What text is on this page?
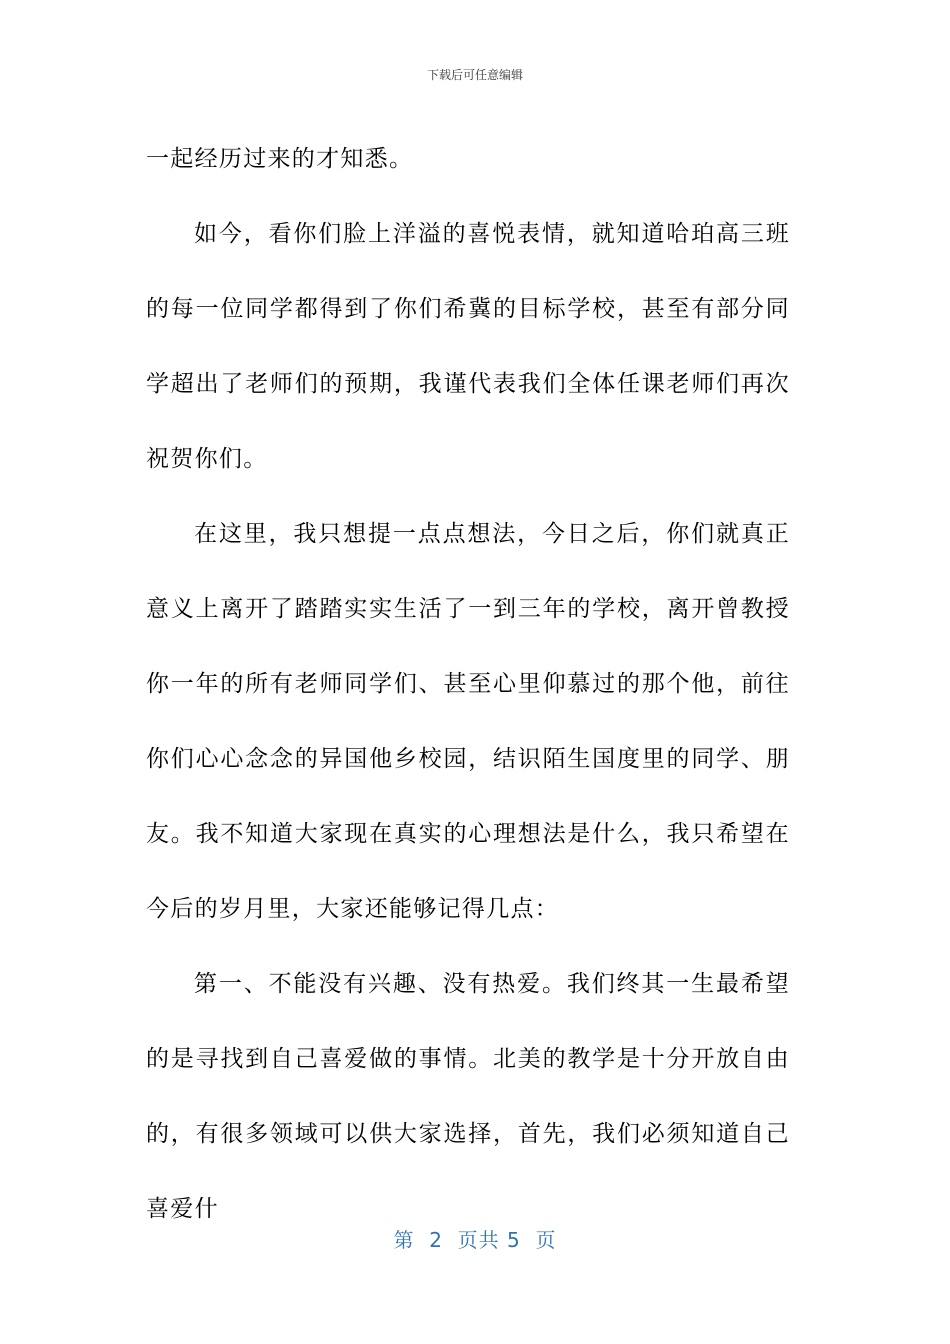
下载后可任意编辑

一起经历过来的才知悉。

如今，看你们脸上洋溢的喜悦表情，就知道哈珀高三班的每一位同学都得到了你们希冀的目标学校，甚至有部分同学超出了老师们的预期，我谨代表我们全体任课老师们再次祝贺你们。

在这里，我只想提一点点想法，今日之后，你们就真正意义上离开了踏踏实实生活了一到三年的学校，离开曾教授你一年的所有老师同学们、甚至心里仰慕过的那个他，前往你们心心念念的异国他乡校园，结识陌生国度里的同学、朋友。我不知道大家现在真实的心理想法是什么，我只希望在今后的岁月里，大家还能够记得几点：

第一、不能没有兴趣、没有热爱。我们终其一生最希望的是寻找到自己喜爱做的事情。北美的教学是十分开放自由的，有很多领域可以供大家选择，首先，我们必须知道自己喜爱什

第  2  页共 5  页
